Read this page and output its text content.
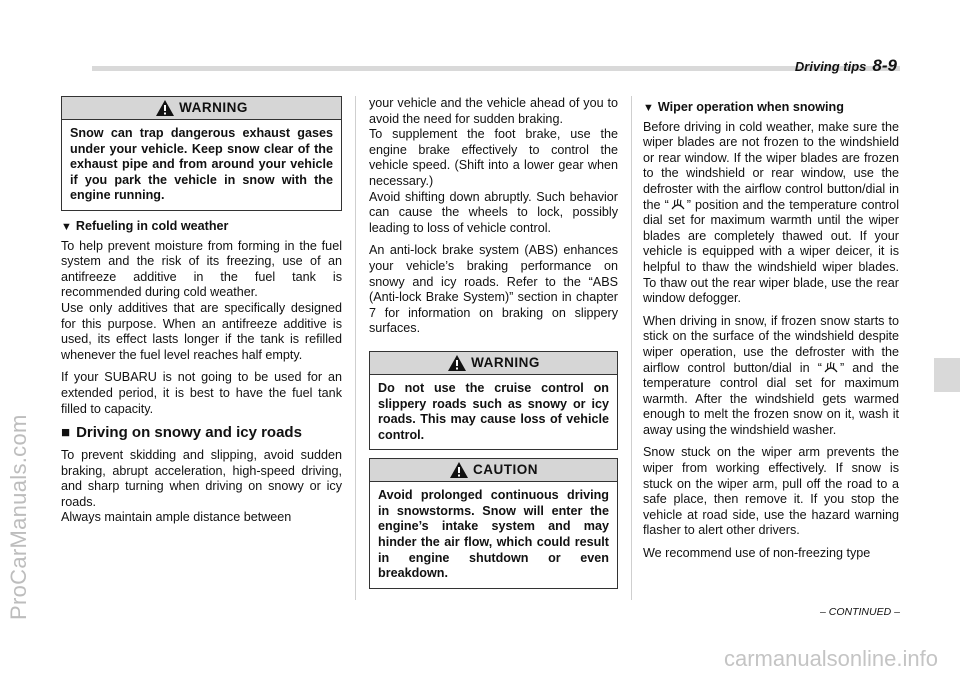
Driving tips 8-9
ProCarManuals.com
carmanualsonline.info
WARNING
Snow can trap dangerous exhaust gases under your vehicle. Keep snow clear of the exhaust pipe and from around your vehicle if you park the vehicle in snow with the engine running.
▼ Refueling in cold weather

To help prevent moisture from forming in the fuel system and the risk of its freezing, use of an antifreeze additive in the fuel tank is recommended during cold weather.

Use only additives that are specifically designed for this purpose. When an antifreeze additive is used, its effect lasts longer if the tank is refilled whenever the fuel level reaches half empty.

If your SUBARU is not going to be used for an extended period, it is best to have the fuel tank filled to capacity.

■ Driving on snowy and icy roads

To prevent skidding and slipping, avoid sudden braking, abrupt acceleration, high-speed driving, and sharp turning when driving on snowy or icy roads.

Always maintain ample distance between

your vehicle and the vehicle ahead of you to avoid the need for sudden braking.

To supplement the foot brake, use the engine brake effectively to control the vehicle speed. (Shift into a lower gear when necessary.)

Avoid shifting down abruptly. Such behavior can cause the wheels to lock, possibly leading to loss of vehicle control.

An anti-lock brake system (ABS) enhances your vehicle’s braking performance on snowy and icy roads. Refer to the “ABS (Anti-lock Brake System)” section in chapter 7 for information on braking on slippery surfaces.

WARNING
Do not use the cruise control on slippery roads such as snowy or icy roads. This may cause loss of vehicle control.
CAUTION
Avoid prolonged continuous driving in snowstorms. Snow will enter the engine’s intake system and may hinder the air flow, which could result in engine shutdown or even breakdown.
▼ Wiper operation when snowing

Before driving in cold weather, make sure the wiper blades are not frozen to the windshield or rear window. If the wiper blades are frozen to the windshield or rear window, use the defroster with the airflow control button/dial in the “ ” position and the temperature control dial set for maximum warmth until the wiper blades are completely thawed out. If your vehicle is equipped with a wiper deicer, it is helpful to thaw the windshield wiper blades. To thaw out the rear wiper blade, use the rear window defogger.

When driving in snow, if frozen snow starts to stick on the surface of the windshield despite wiper operation, use the defroster with the airflow control button/dial in “ ” and the temperature control dial set for maximum warmth. After the windshield gets warmed enough to melt the frozen snow on it, wash it away using the windshield washer.

Snow stuck on the wiper arm prevents the wiper from working effectively. If snow is stuck on the wiper arm, pull off the road to a safe place, then remove it. If you stop the vehicle at road side, use the hazard warning flasher to alert other drivers.

We recommend use of non-freezing type

– CONTINUED –
